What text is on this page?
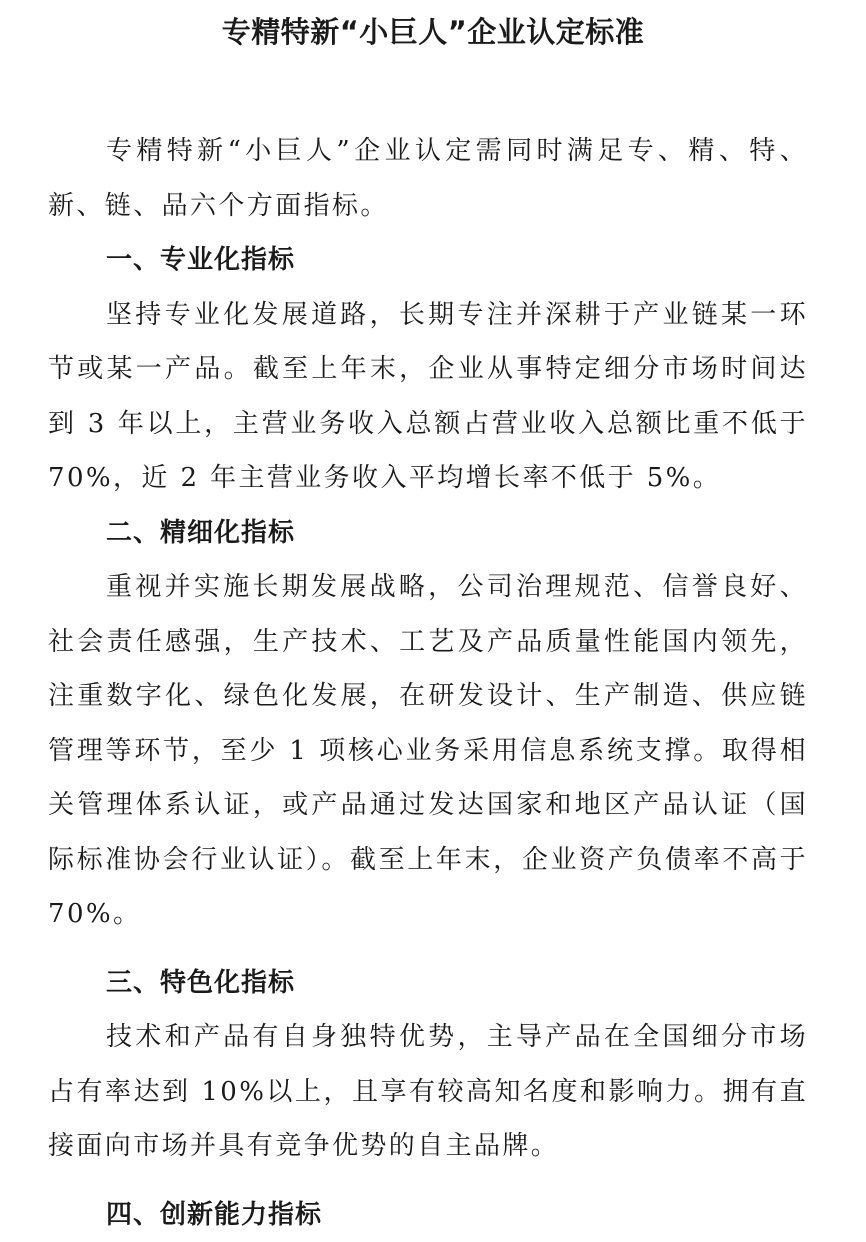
专精特新“小巨人”企业认定标准

专精特新“小巨人”企业认定需同时满足专、精、特、新、链、品六个方面指标。

一、专业化指标

坚持专业化发展道路，长期专注并深耕于产业链某一环节或某一产品。截至上年末，企业从事特定细分市场时间达到 3 年以上，主营业务收入总额占营业收入总额比重不低于 70%，近 2 年主营业务收入平均增长率不低于 5%。

二、精细化指标

重视并实施长期发展战略，公司治理规范、信誉良好、社会责任感强，生产技术、工艺及产品质量性能国内领先，注重数字化、绿色化发展，在研发设计、生产制造、供应链管理等环节，至少 1 项核心业务采用信息系统支撑。取得相关管理体系认证，或产品通过发达国家和地区产品认证（国际标准协会行业认证）。截至上年末，企业资产负债率不高于 70%。

三、特色化指标

技术和产品有自身独特优势，主导产品在全国细分市场占有率达到 10%以上，且享有较高知名度和影响力。拥有直接面向市场并具有竞争优势的自主品牌。

四、创新能力指标
